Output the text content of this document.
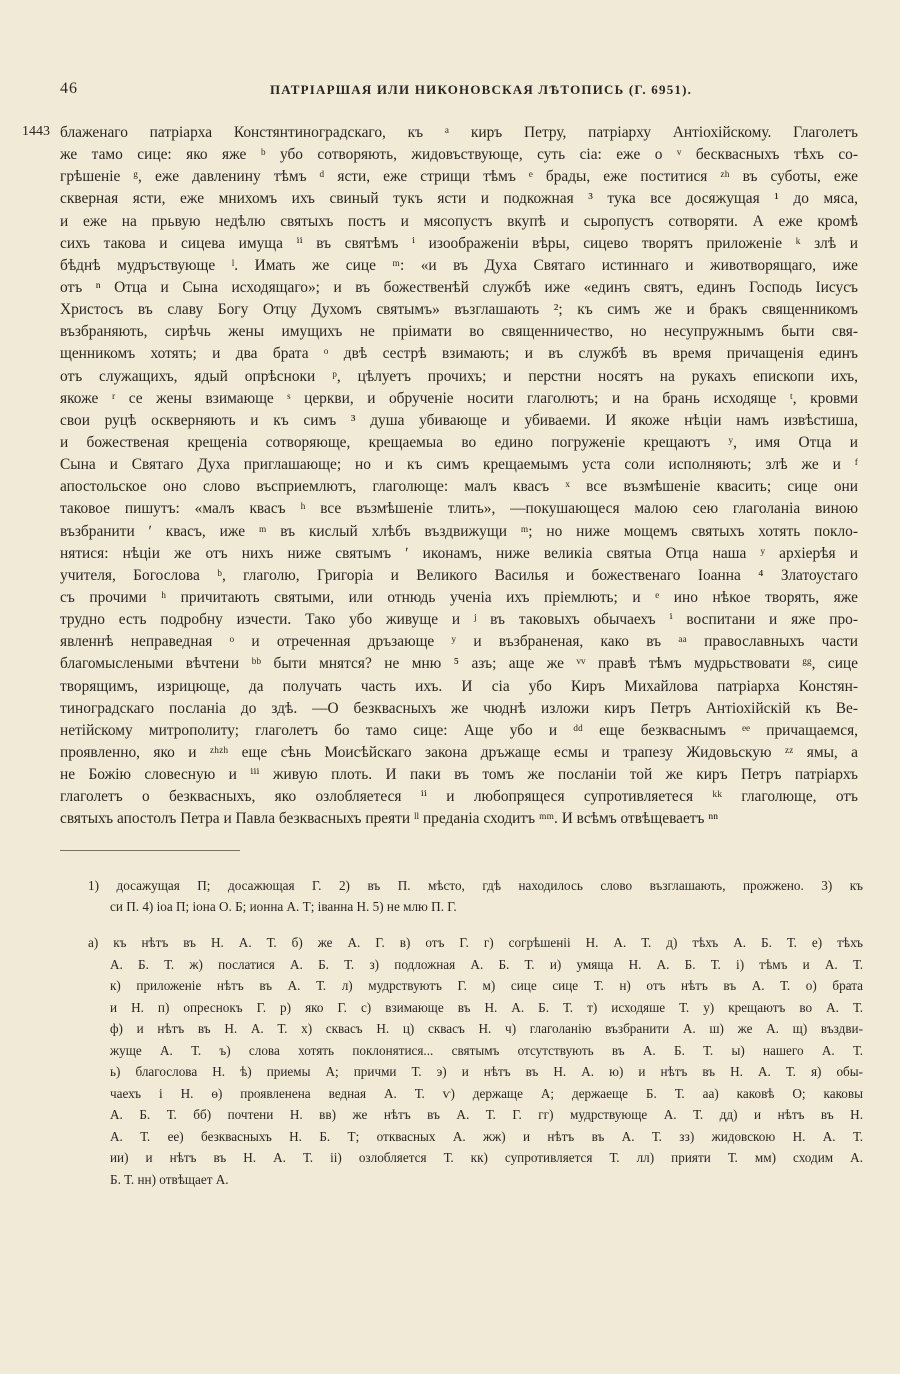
46	ПАТРІАРШАЯ ИЛИ НИКОНОВСКАЯ ЛѢТОПИСЬ (Г. 6951).
1443 блаженаго патріарха Констянтинoградскаго, къ ᵃ киръ Петру, патріарху Антіохійскому. Глаголетъ
же тамо сице: яко яже ᵇ убо сотворяють, жидовъствующе, суть сіа: еже о ᵛ бесквасныхъ тѣхъ со-
грѣшеніе ᵍ, еже давленину тѣмъ ᵈ ясти, еже стрищи тѣмъ ᵉ брады, еже поститися ᶻʰ въ суботы, еже
скверная ясти, еже мнихомъ ихъ свиный тукъ ясти и подкожная ³ тука все досяжущая ¹ до мяса,
и еже на прьвую недѣлю святыхъ постъ и мясопустъ вкупѣ и сыропустъ сотворяти. А еже кромѣ
сихъ такова и сицева имуща ⁱⁱ въ святѣмъ ⁱ изоображеніи вѣры, сицево творятъ приложеніе ᵏ злѣ и
бѣднѣ мудръствующе ˡ. Имать же сице ᵐ: «и въ Духа Святаго истиннаго и животворящаго, иже
отъ ⁿ Отца и Сына исходящаго»; и въ божественѣй службѣ иже «единъ святъ, единъ Господь Іисусъ
Христосъ въ славу Богу Отцу Духомъ святымъ» възглашають ²; къ симъ же и бракъ священникомъ
възбраняють, сирѣчь жены имущихъ не пріимати во священничество, но несупружнымъ быти свя-
щенникомъ хотять; и два брата ᵒ двѣ сестрѣ взимають; и въ службѣ въ время причащенія единъ
отъ служащихъ, ядый опрѣсноки ᵖ, цѣлуетъ прочихъ; и перстни носятъ на рукахъ епископи ихъ,
якоже ʳ се жены взимающе ˢ церкви, и обрученіе носити глаголютъ; и на брань исходяще ᵗ, кровми
свои руцѣ оскверняють и къ симъ ³ душа убивающе и убиваеми. И якоже нѣціи намъ извѣстиша,
и божественая крещеніа сотворяюще, крещаемыа во едино погруженіе крещаютъ ʸ, имя Отца и
Сына и Святаго Духа приглашающе; но и къ симъ крещаемымъ уста соли исполняють; злѣ же и ᶠ
апостольское оно слово въсприемлютъ, глаголюще: малъ квасъ ˣ все възмѣшеніе квасить; сице они
таковое пишутъ: «малъ квасъ ʰ все възмѣшеніе тлить», —покушающеся малою сею глаголаніа виною
възбранити ʹ квасъ, иже ᵐ въ кислый хлѣбъ въздвижущи ᵐ; но ниже мощемъ святыхъ хотять покло-
нятися: нѣціи же отъ нихъ ниже святымъ ʹ иконамъ, ниже великіа святыа Отца наша ʸ архіерѣя и
учителя, Богослова ᵇ, глаголю, Григоріа и Великого Василья и божественаго Іоанна ⁴ Златоустаго
съ прочими ʰ причитають святыми, или отнюдь ученіа ихъ пріемлють; и ᵉ ино нѣкое творять, яже
трудно есть подробну изчести. Тако убо живуще и ʲ въ таковыхъ обычаехъ ⁱ воспитани и яже про-
явленнѣ неправедная ᵒ и отреченная дръзающе ʸ и възбраненая, како въ ᵃᵃ православныхъ части
благомыслеными вѣчтени ᵇᵇ быти мнятся? не мню ⁵ азъ; аще же ᵛᵛ правѣ тѣмъ мудрьствовати ᵍᵍ, сице
творящимъ, изрицюще, да получать часть ихъ. И сіа убо Киръ Михайлова патріарха Констян-
тиноградскаго посланіа до здѣ. —О безквасныхъ же чюднѣ изложи киръ Петръ Антіохійскій къ Ве-
нетійскому митрополиту; глаголетъ бо тамо сице: Аще убо и ᵈᵈ еще безкваснымъ ᵉᵉ причащаемся,
проявленно, яко и ᶻʰᶻʰ еще сѣнь Моисѣйскаго закона дръжаще есмы и трапезу Жидовьскую ᶻᶻ ямы, а
не Божію словесную и ⁱⁱⁱ живую плоть. И паки въ томъ же посланіи той же киръ Петръ патріархъ
глаголетъ о безквасныхъ, яко озлобляетеся ⁱⁱ и любопрящеся супротивляетеся ᵏᵏ глаголюще, отъ
святыхъ апостолъ Петра и Павла безквасныхъ преяти ˡˡ преданіа сходитъ ᵐᵐ. И всѣмъ отвѣщеваетъ ⁿⁿ
1) досажущая П; досажющая Г. 2) въ П. мѣсто, гдѣ находилось слово възглашають, прожжено. 3) къ
си П. 4) іоа П; іона О. Б; ионна А. Т; іванна Н. 5) не млю П. Г.
а) къ нѣтъ въ Н. А. Т. б) же А. Г. в) отъ Г. г) согрѣшеніі Н. А. Т. д) тѣхъ А. Б. Т. е) тѣхъ
А. Б. Т. ж) послатися А. Б. Т. з) подложная А. Б. Т. и) умяща Н. А. Б. Т. і) тѣмъ и А. Т.
к) приложеніе нѣтъ въ А. Т. л) мудрствуютъ Г. м) сице сице Т. н) отъ нѣтъ въ А. Т. о) брата
и Н. п) опреснокъ Г. р) яко Г. с) взимающе въ Н. А. Б. Т. т) исходяше Т. у) крещаютъ во А. Т.
ф) и нѣтъ въ Н. А. Т. х) сквасъ Н. ц) сквасъ Н. ч) глаголанію възбранити А. ш) же А. щ) въздви-
жуще А. Т. ъ) слова хотять поклонятися... святымъ отсутствують въ А. Б. Т. ы) нашего А. Т.
ь) благослова Н. ѣ) приемы А; причми Т. э) и нѣтъ въ Н. А. ю) и нѣтъ въ Н. А. Т. я) обы-
чаехъ і Н. ѳ) проявленена ведная А. Т. ѵ) держаще А; держаеще Б. Т. аа) каковѣ О; каковы
А. Б. Т. бб) почтени Н. вв) же нѣтъ въ А. Т. Г. гг) мудрствующе А. Т. дд) и нѣтъ въ Н.
А. Т. ее) безквасныхъ Н. Б. Т; отквасных А. жж) и нѣтъ въ А. Т. зз) жидовскою Н. А. Т.
ии) и нѣтъ въ Н. А. Т. іі) озлобляется Т. кк) супротивляется Т. лл) прияти Т. мм) сходим А.
Б. Т. нн) отвѣщает А.
